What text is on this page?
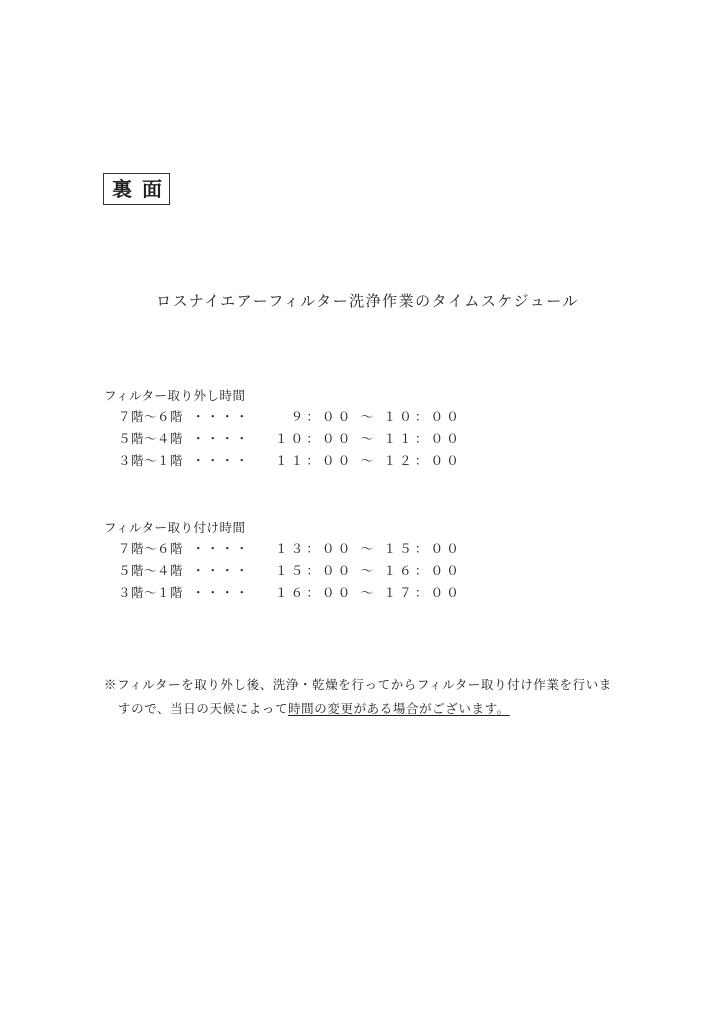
裏面
ロスナイエアーフィルター洗浄作業のタイムスケジュール
フィルター取り外し時間
７階～６階 ・・・・	９：００ ～ １０：００
５階～４階 ・・・・	１０：００ ～ １１：００
３階～１階 ・・・・	１１：００ ～ １２：００
フィルター取り付け時間
７階～６階 ・・・・	１３：００ ～ １５：００
５階～４階 ・・・・	１５：００ ～ １６：００
３階～１階 ・・・・	１６：００ ～ １７：００
※フィルターを取り外し後、洗浄・乾燥を行ってからフィルター取り付け作業を行いま
すので、当日の天候によって時間の変更がある場合がございます。
